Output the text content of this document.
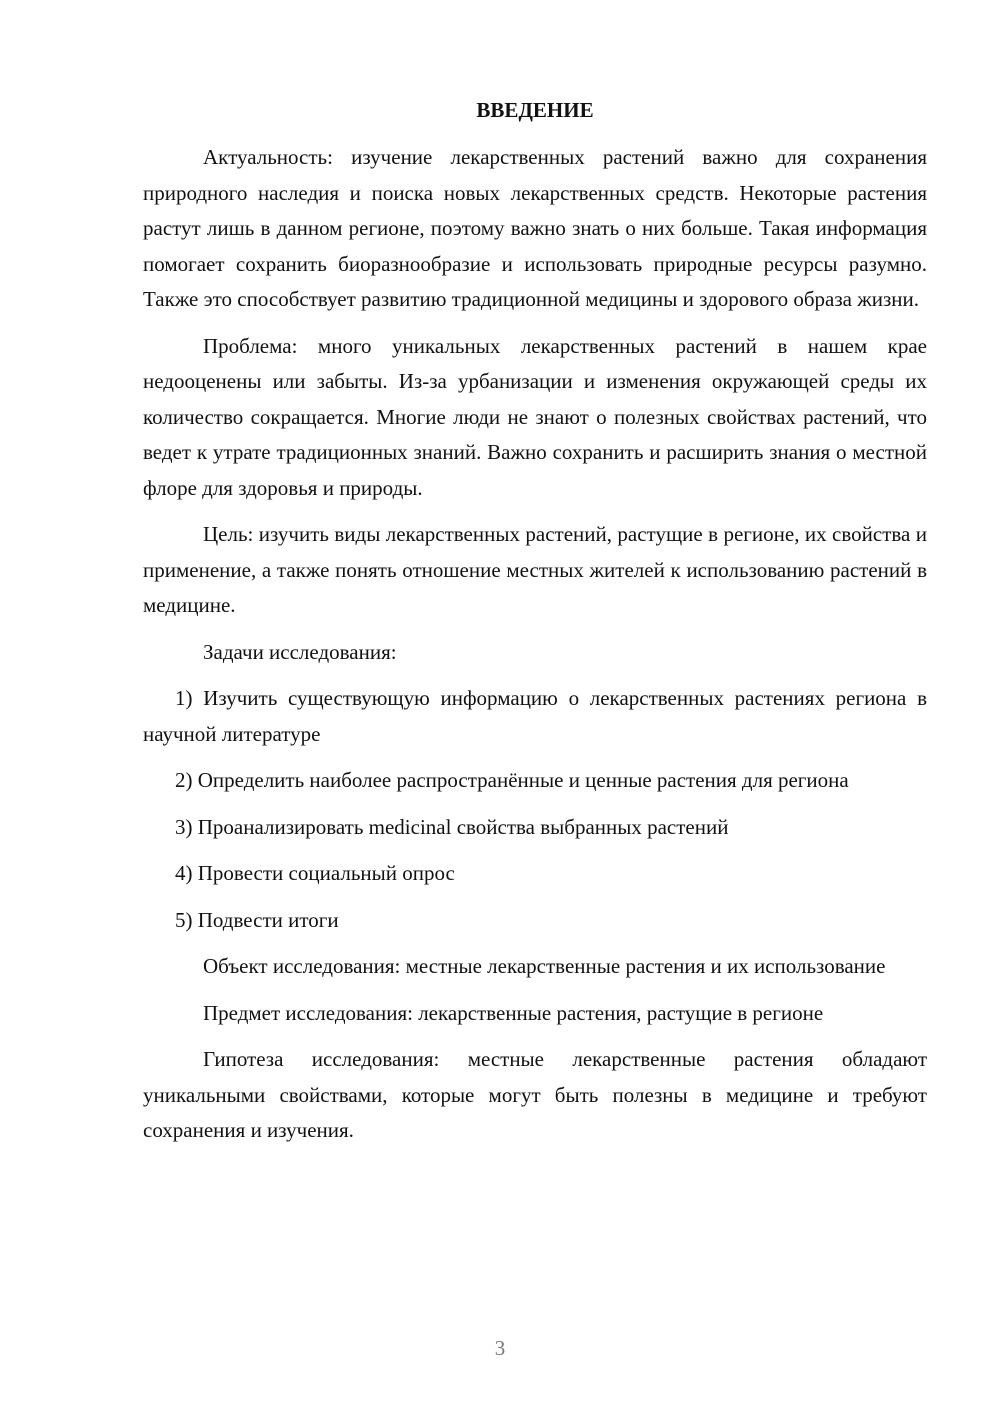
ВВЕДЕНИЕ

Актуальность: изучение лекарственных растений важно для сохранения природного наследия и поиска новых лекарственных средств. Некоторые растения растут лишь в данном регионе, поэтому важно знать о них больше. Такая информация помогает сохранить биоразнообразие и использовать природные ресурсы разумно. Также это способствует развитию традиционной медицины и здорового образа жизни.

Проблема: много уникальных лекарственных растений в нашем крае недооценены или забыты. Из-за урбанизации и изменения окружающей среды их количество сокращается. Многие люди не знают о полезных свойствах растений, что ведет к утрате традиционных знаний. Важно сохранить и расширить знания о местной флоре для здоровья и природы.

Цель: изучить виды лекарственных растений, растущие в регионе, их свойства и применение, а также понять отношение местных жителей к использованию растений в медицине.

Задачи исследования:

1) Изучить существующую информацию о лекарственных растениях региона в научной литературе

2) Определить наиболее распространённые и ценные растения для региона

3) Проанализировать medicinal свойства выбранных растений

4) Провести социальный опрос

5) Подвести итоги

Объект исследования: местные лекарственные растения и их использование

Предмет исследования: лекарственные растения, растущие в регионе

Гипотеза исследования: местные лекарственные растения обладают уникальными свойствами, которые могут быть полезны в медицине и требуют сохранения и изучения.

3
